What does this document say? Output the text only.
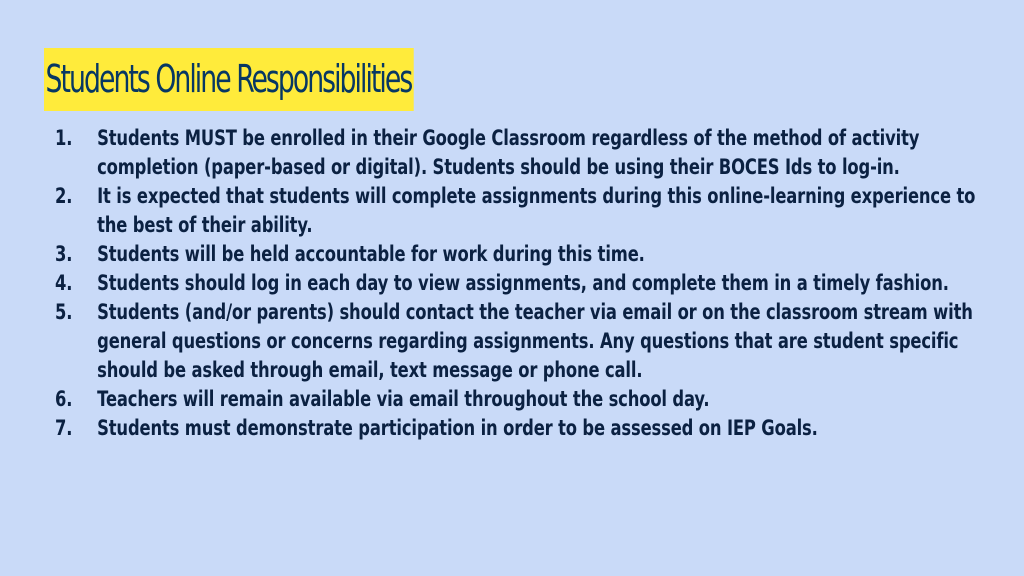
Students Online Responsibilities
1.	Students MUST be enrolled in their Google Classroom regardless of the method of activity completion (paper-based or digital). Students should be using their BOCES Ids to log-in.
2.	It is expected that students will complete assignments during this online-learning experience to the best of their ability.
3.	Students will be held accountable for work during this time.
4.	Students should log in each day to view assignments, and complete them in a timely fashion.
5.	Students (and/or parents) should contact the teacher via email or on the classroom stream with general questions or concerns regarding assignments. Any questions that are student specific should be asked through email, text message or phone call.
6.	Teachers will remain available via email throughout the school day.
7.	Students must demonstrate participation in order to be assessed on IEP Goals.
